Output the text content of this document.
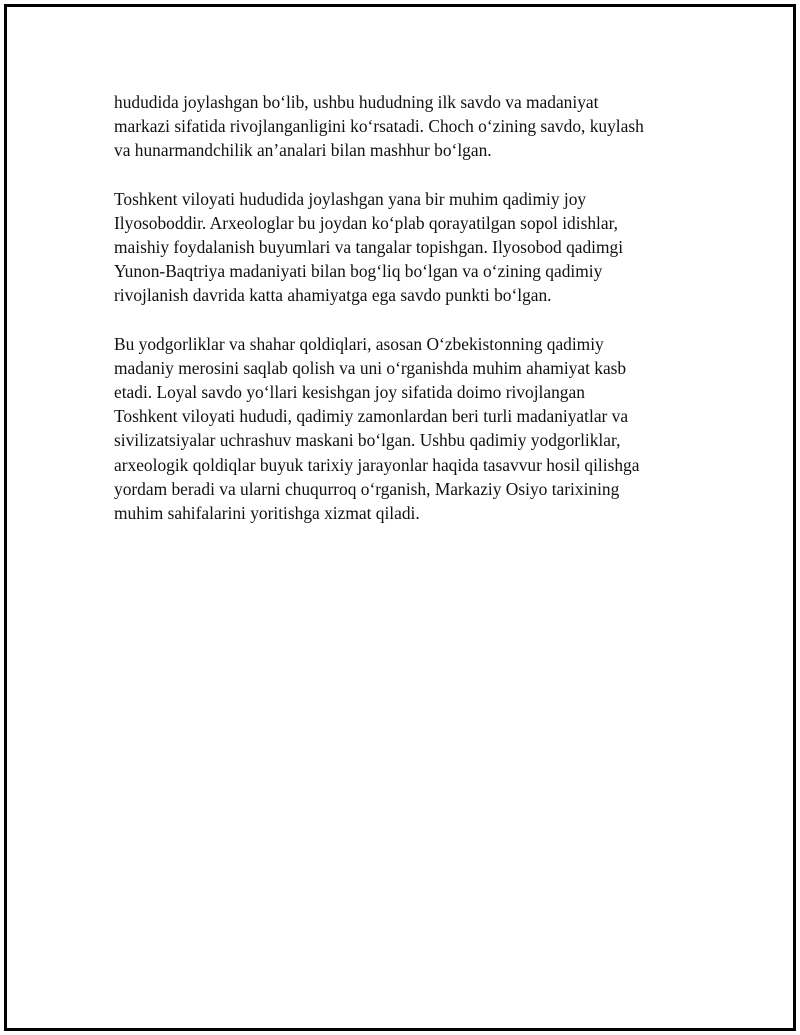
hududida joylashgan bo‘lib, ushbu hududning ilk savdo va madaniyat
markazi sifatida rivojlanganligini ko‘rsatadi. Choch o‘zining savdo, kuylash
va hunarmandchilik an’analari bilan mashhur bo‘lgan.

Toshkent viloyati hududida joylashgan yana bir muhim qadimiy joy
Ilyosoboddir. Arxeologlar bu joydan ko‘plab qorayatilgan sopol idishlar,
maishiy foydalanish buyumlari va tangalar topishgan. Ilyosobod qadimgi
Yunon-Baqtriya madaniyati bilan bog‘liq bo‘lgan va o‘zining qadimiy
rivojlanish davrida katta ahamiyatga ega savdo punkti bo‘lgan.

Bu yodgorliklar va shahar qoldiqlari, asosan O‘zbekistonning qadimiy
madaniy merosini saqlab qolish va uni o‘rganishda muhim ahamiyat kasb
etadi. Loyal savdo yo‘llari kesishgan joy sifatida doimo rivojlangan
Toshkent viloyati hududi, qadimiy zamonlardan beri turli madaniyatlar va
sivilizatsiyalar uchrashuv maskani bo‘lgan. Ushbu qadimiy yodgorliklar,
arxeologik qoldiqlar buyuk tarixiy jarayonlar haqida tasavvur hosil qilishga
yordam beradi va ularni chuqurroq o‘rganish, Markaziy Osiyo tarixining
muhim sahifalarini yoritishga xizmat qiladi.
